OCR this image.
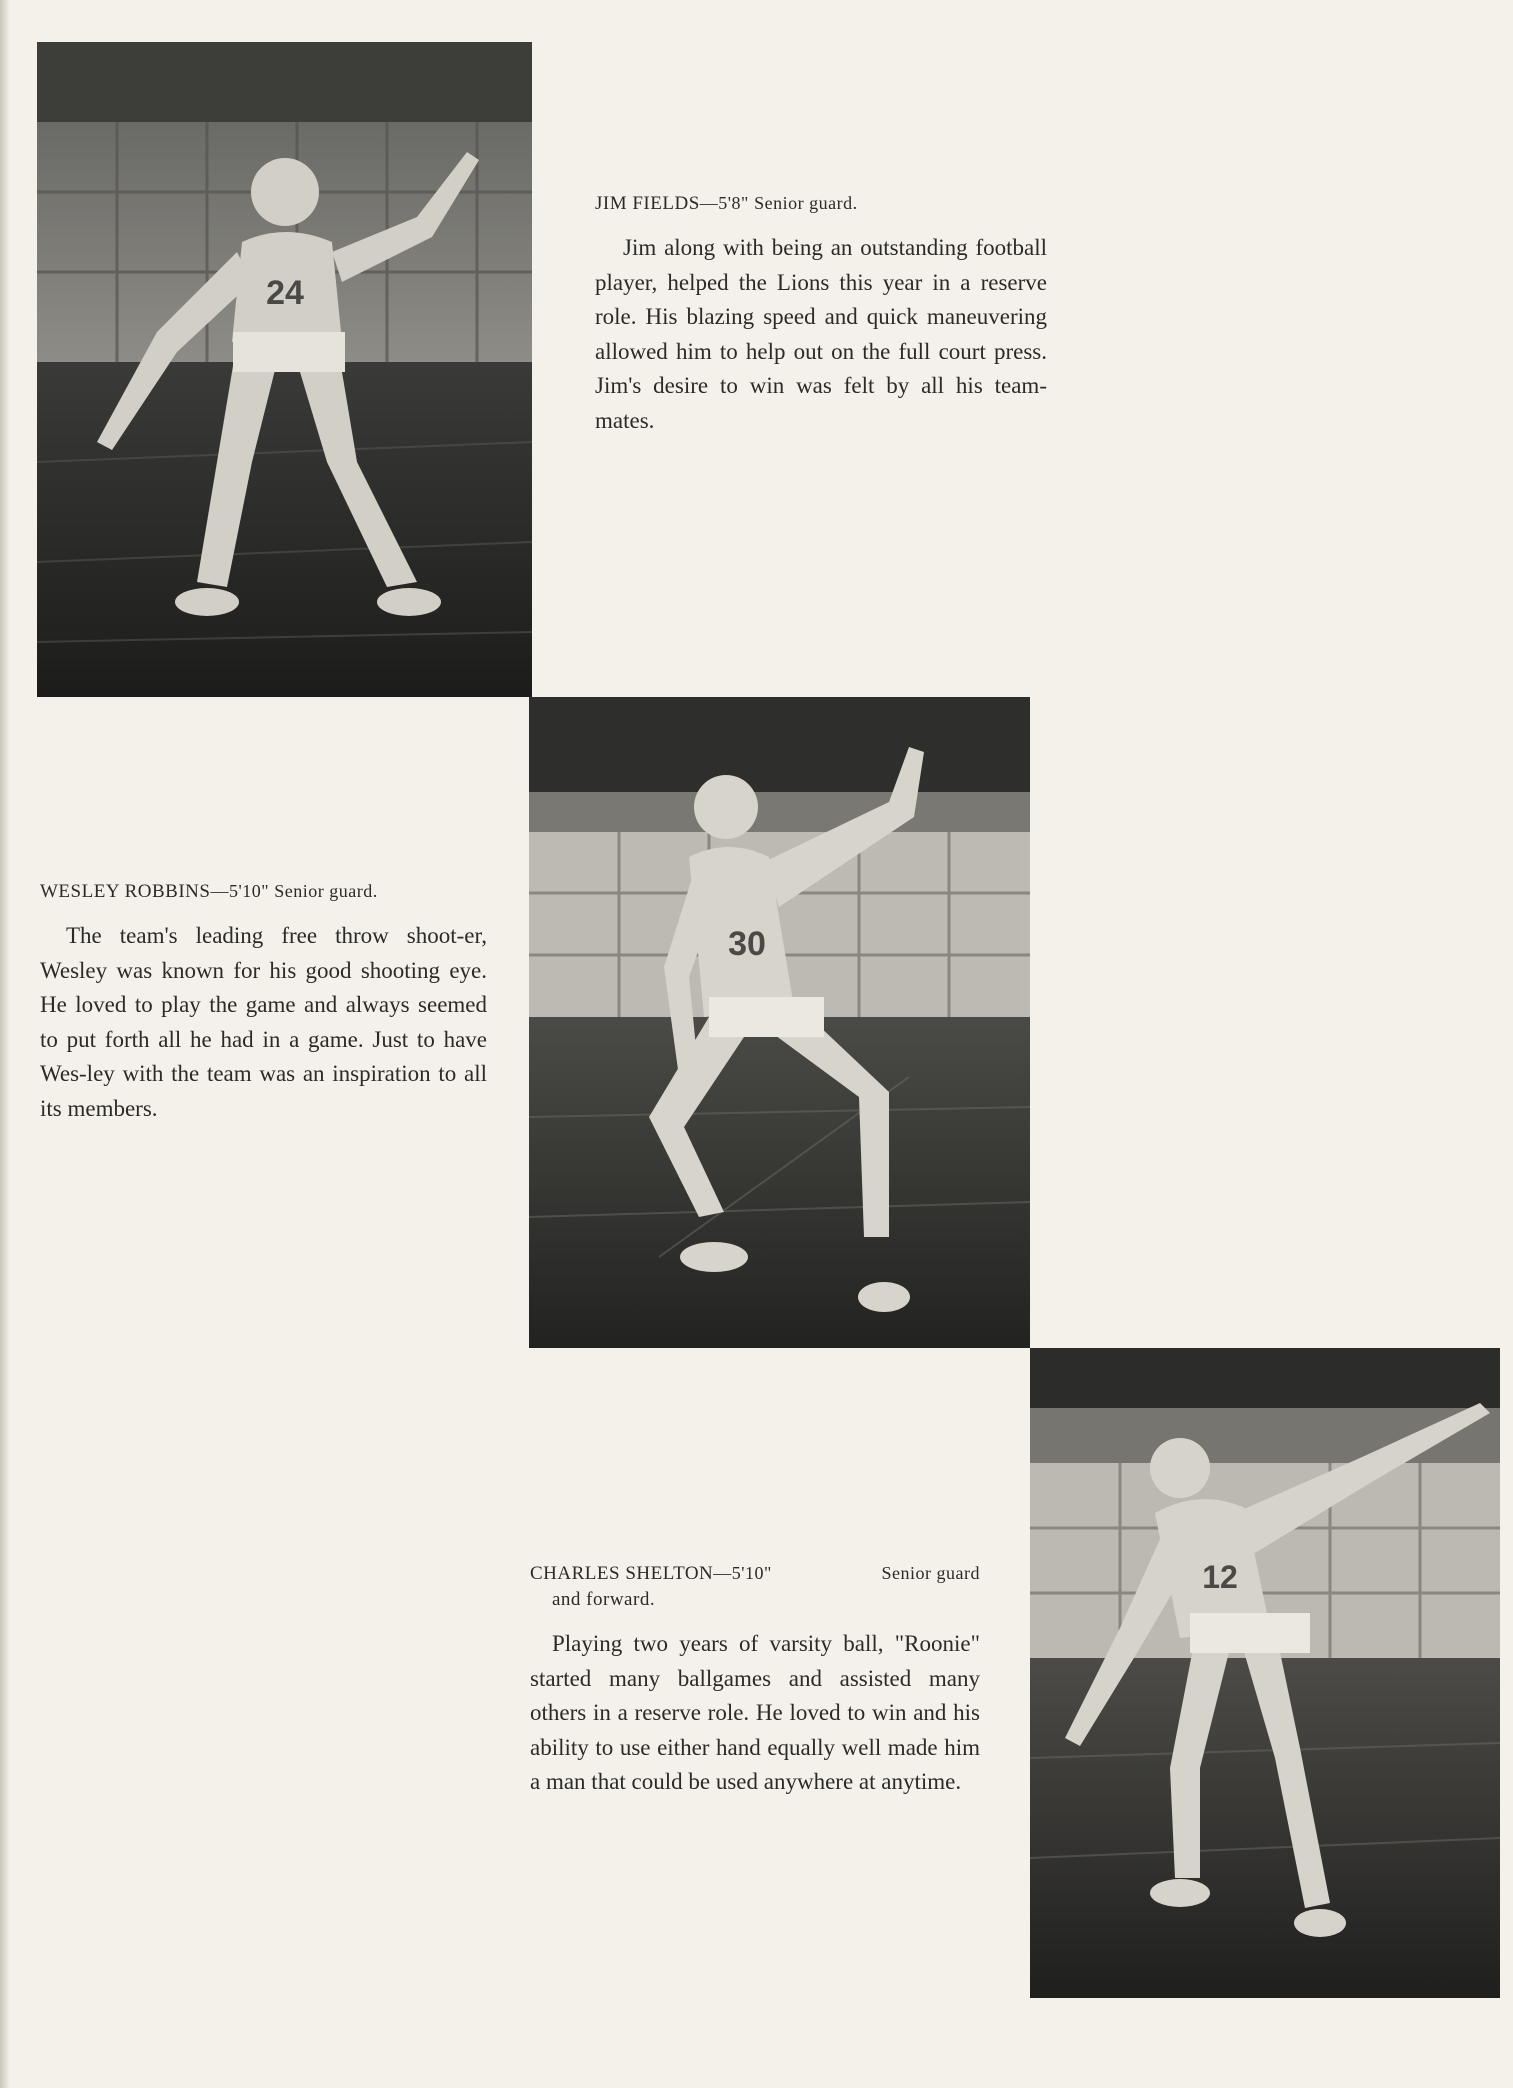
24
JIM FIELDS—5'8" Senior guard.
Jim along with being an outstanding football player, helped the Lions this year in a reserve role. His blazing speed and quick maneuvering allowed him to help out on the full court press. Jim's desire to win was felt by all his team-mates.
30
WESLEY ROBBINS—5'10" Senior guard.
The team's leading free throw shoot-er, Wesley was known for his good shooting eye. He loved to play the game and always seemed to put forth all he had in a game. Just to have Wes-ley with the team was an inspiration to all its members.
12
CHARLES SHELTON—5'10"	Senior guard
and forward.
Playing two years of varsity ball, "Roonie" started many ballgames and assisted many others in a reserve role. He loved to win and his ability to use either hand equally well made him a man that could be used anywhere at anytime.
61
